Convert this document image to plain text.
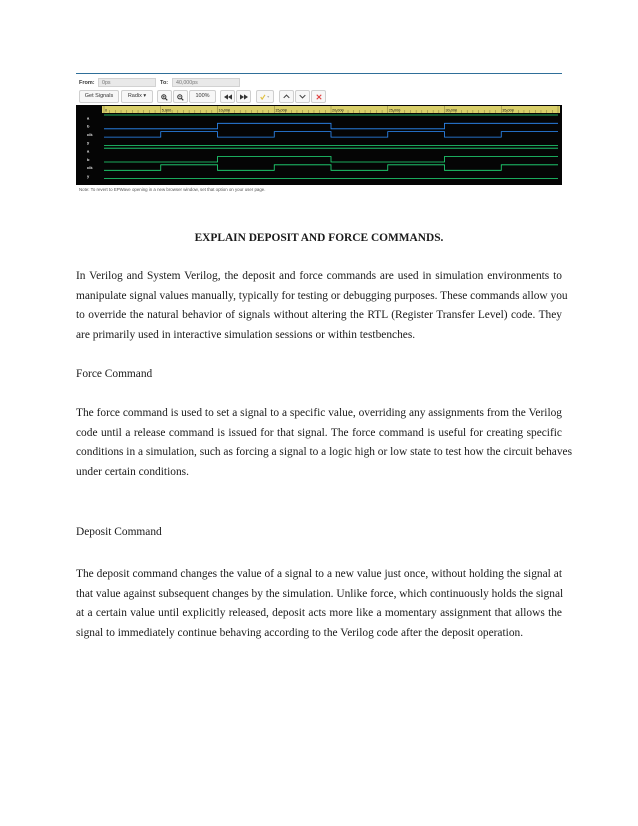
From:	0ps	To:	40,000ps
Get Signals	Radix ▾	100%
0	5,000	10,000	15,000	20,000	25,000	30,000	35,000
a
b
clk
y
a
b
clk
y
Note: To revert to EPWave opening in a new browser window, set that option on your user page.
EXPLAIN DEPOSIT AND FORCE COMMANDS.

In Verilog and System Verilog, the deposit and force commands are used in simulation environments to
manipulate signal values manually, typically for testing or debugging purposes. These commands allow you
to override the natural behavior of signals without altering the RTL (Register Transfer Level) code. They
are primarily used in interactive simulation sessions or within testbenches.

Force Command

The force command is used to set a signal to a specific value, overriding any assignments from the Verilog
code until a release command is issued for that signal. The force command is useful for creating specific
conditions in a simulation, such as forcing a signal to a logic high or low state to test how the circuit behaves
under certain conditions.

Deposit Command

The deposit command changes the value of a signal to a new value just once, without holding the signal at
that value against subsequent changes by the simulation. Unlike force, which continuously holds the signal
at a certain value until explicitly released, deposit acts more like a momentary assignment that allows the
signal to immediately continue behaving according to the Verilog code after the deposit operation.
